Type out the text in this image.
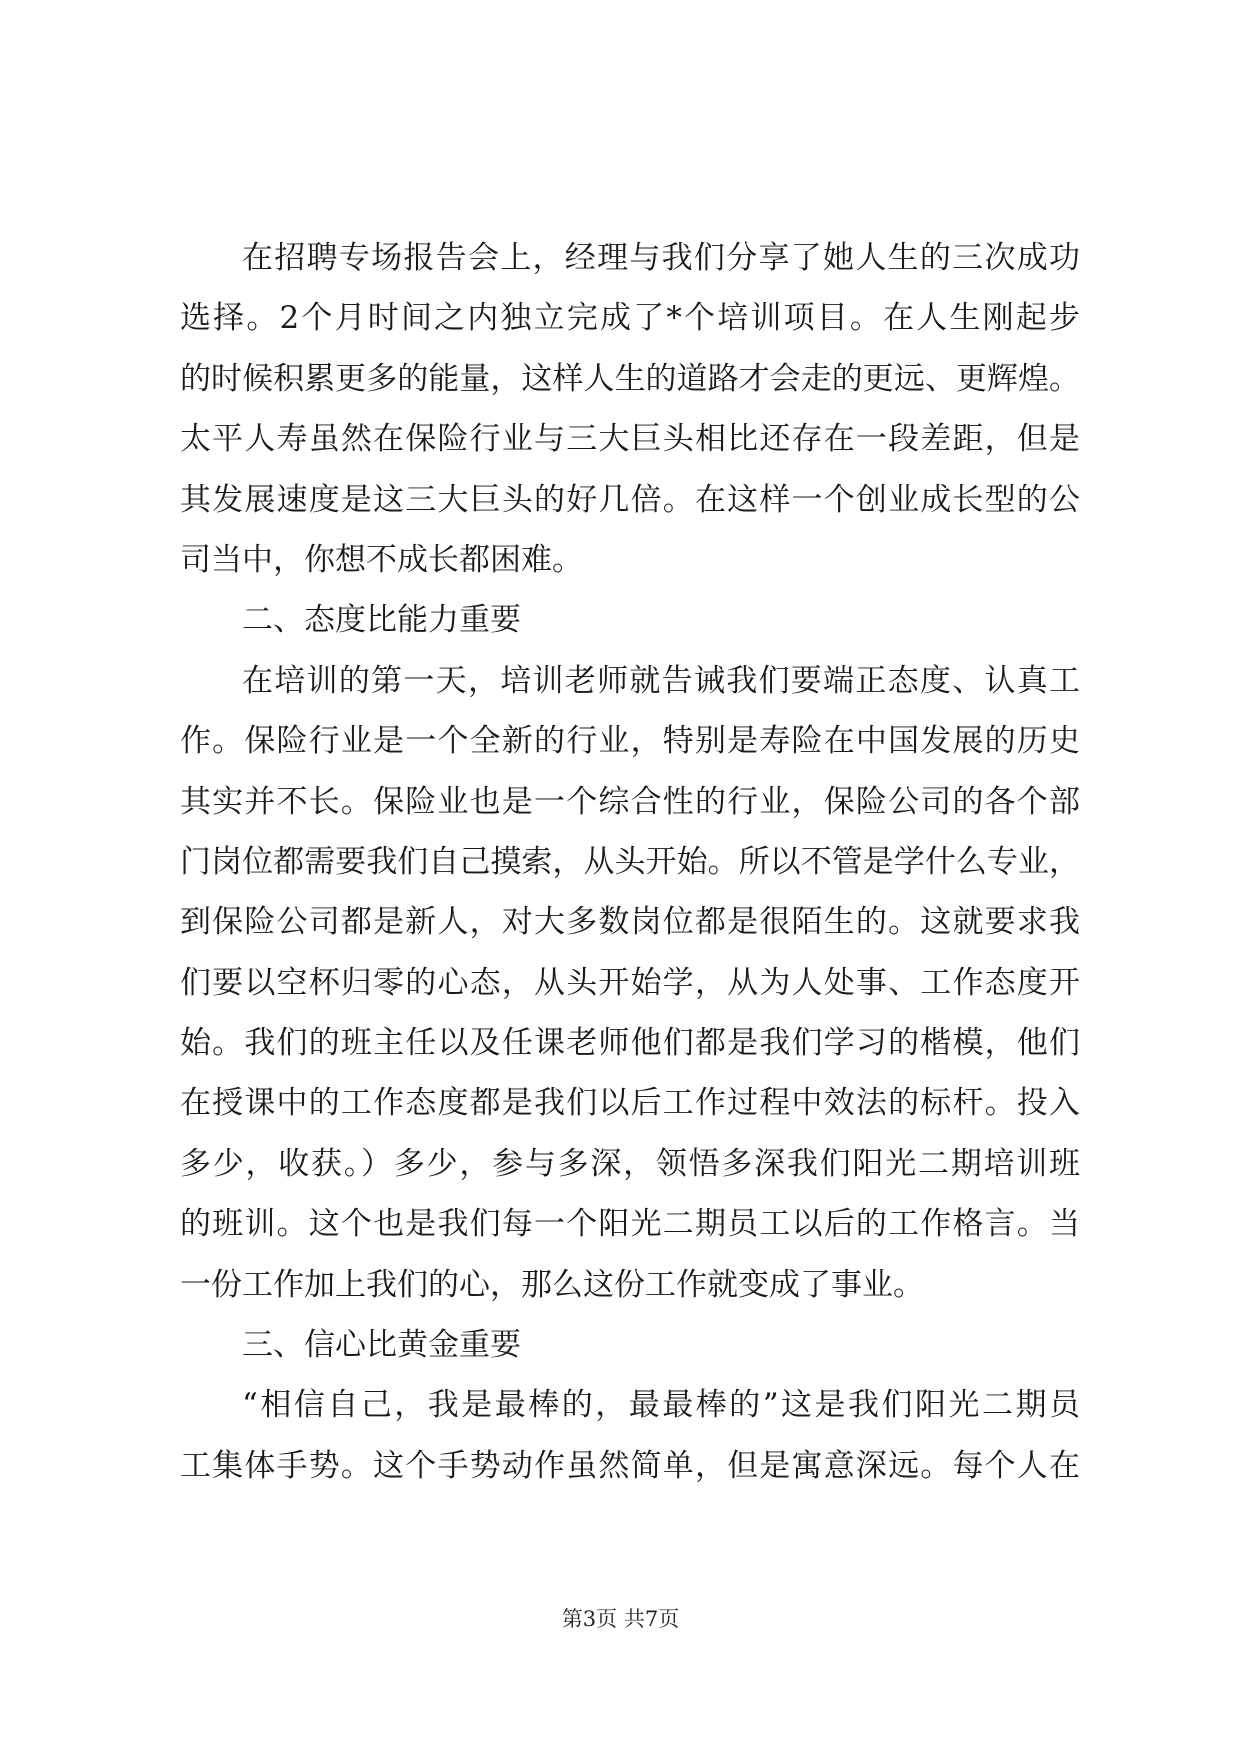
在招聘专场报告会上，经理与我们分享了她人生的三次成功
选择。2个月时间之内独立完成了*个培训项目。在人生刚起步
的时候积累更多的能量，这样人生的道路才会走的更远、更辉煌。
太平人寿虽然在保险行业与三大巨头相比还存在一段差距，但是
其发展速度是这三大巨头的好几倍。在这样一个创业成长型的公
司当中，你想不成长都困难。
二、态度比能力重要
在培训的第一天，培训老师就告诫我们要端正态度、认真工
作。保险行业是一个全新的行业，特别是寿险在中国发展的历史
其实并不长。保险业也是一个综合性的行业，保险公司的各个部
门岗位都需要我们自己摸索，从头开始。所以不管是学什么专业，
到保险公司都是新人，对大多数岗位都是很陌生的。这就要求我
们要以空杯归零的心态，从头开始学，从为人处事、工作态度开
始。我们的班主任以及任课老师他们都是我们学习的楷模，他们
在授课中的工作态度都是我们以后工作过程中效法的标杆。投入
多少，收获。）多少，参与多深，领悟多深我们阳光二期培训班
的班训。这个也是我们每一个阳光二期员工以后的工作格言。当
一份工作加上我们的心，那么这份工作就变成了事业。
三、信心比黄金重要
“相信自己，我是最棒的，最最棒的”这是我们阳光二期员
工集体手势。这个手势动作虽然简单，但是寓意深远。每个人在
第3页 共7页
